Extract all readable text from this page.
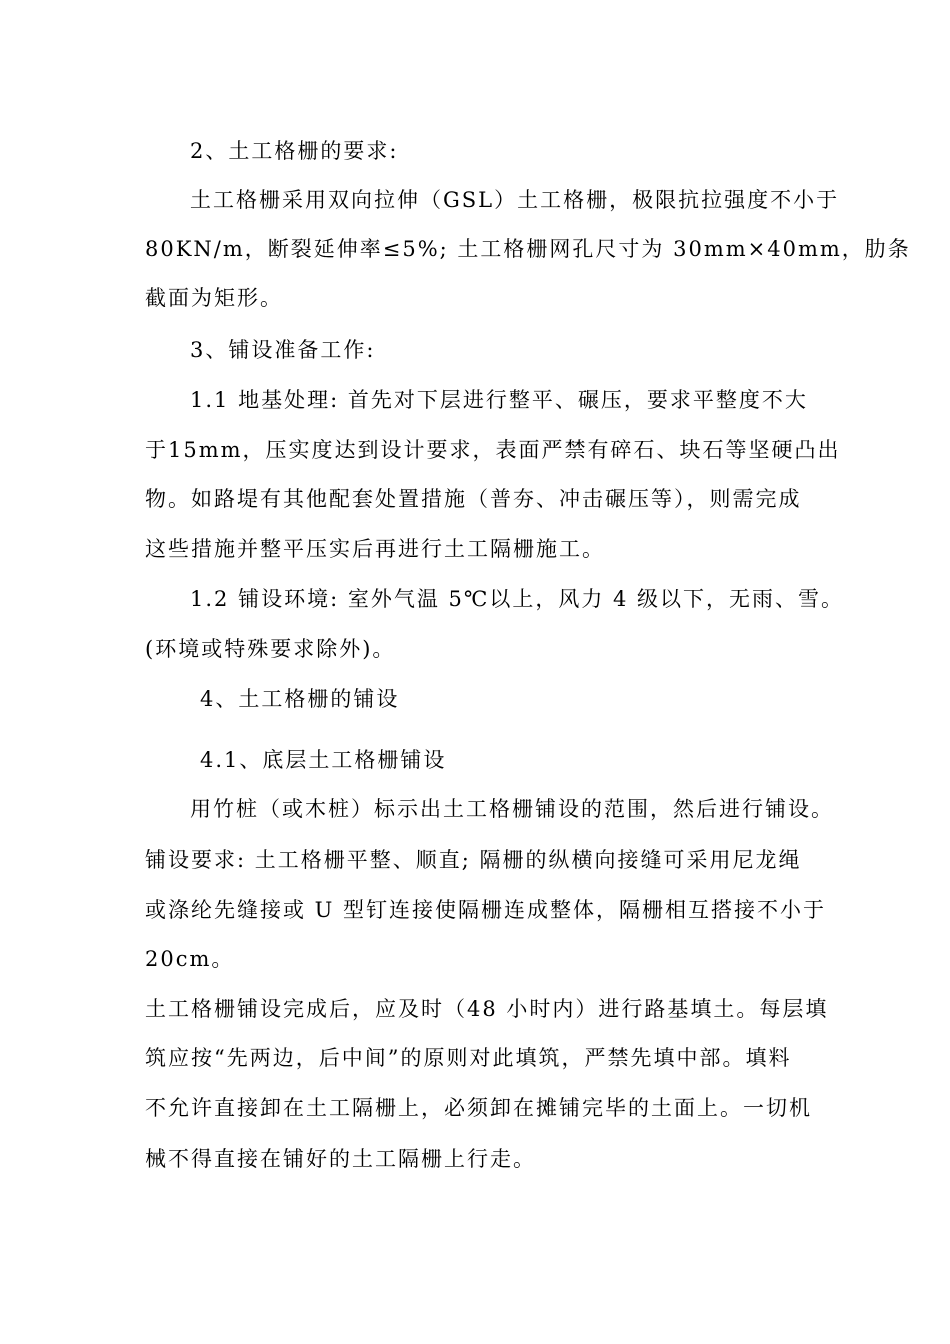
2、土工格栅的要求:
土工格栅采用双向拉伸（GSL）土工格栅，极限抗拉强度不小于
80KN/m，断裂延伸率≤5%; 土工格栅网孔尺寸为 30mm×40mm，肋条
截面为矩形。
3、铺设准备工作:
1.1 地基处理: 首先对下层进行整平、碾压，要求平整度不大
于15mm，压实度达到设计要求，表面严禁有碎石、块石等坚硬凸出
物。如路堤有其他配套处置措施（普夯、冲击碾压等），则需完成
这些措施并整平压实后再进行土工隔栅施工。
1.2 铺设环境: 室外气温 5℃以上，风力 4 级以下，无雨、雪。
(环境或特殊要求除外)。
4、土工格栅的铺设
4.1、底层土工格栅铺设
用竹桩（或木桩）标示出土工格栅铺设的范围，然后进行铺设。
铺设要求: 土工格栅平整、顺直; 隔栅的纵横向接缝可采用尼龙绳
或涤纶先缝接或 U 型钉连接使隔栅连成整体，隔栅相互搭接不小于
20cm。
土工格栅铺设完成后，应及时（48 小时内）进行路基填土。每层填
筑应按“先两边，后中间”的原则对此填筑，严禁先填中部。填料
不允许直接卸在土工隔栅上，必须卸在摊铺完毕的土面上。一切机
械不得直接在铺好的土工隔栅上行走。
